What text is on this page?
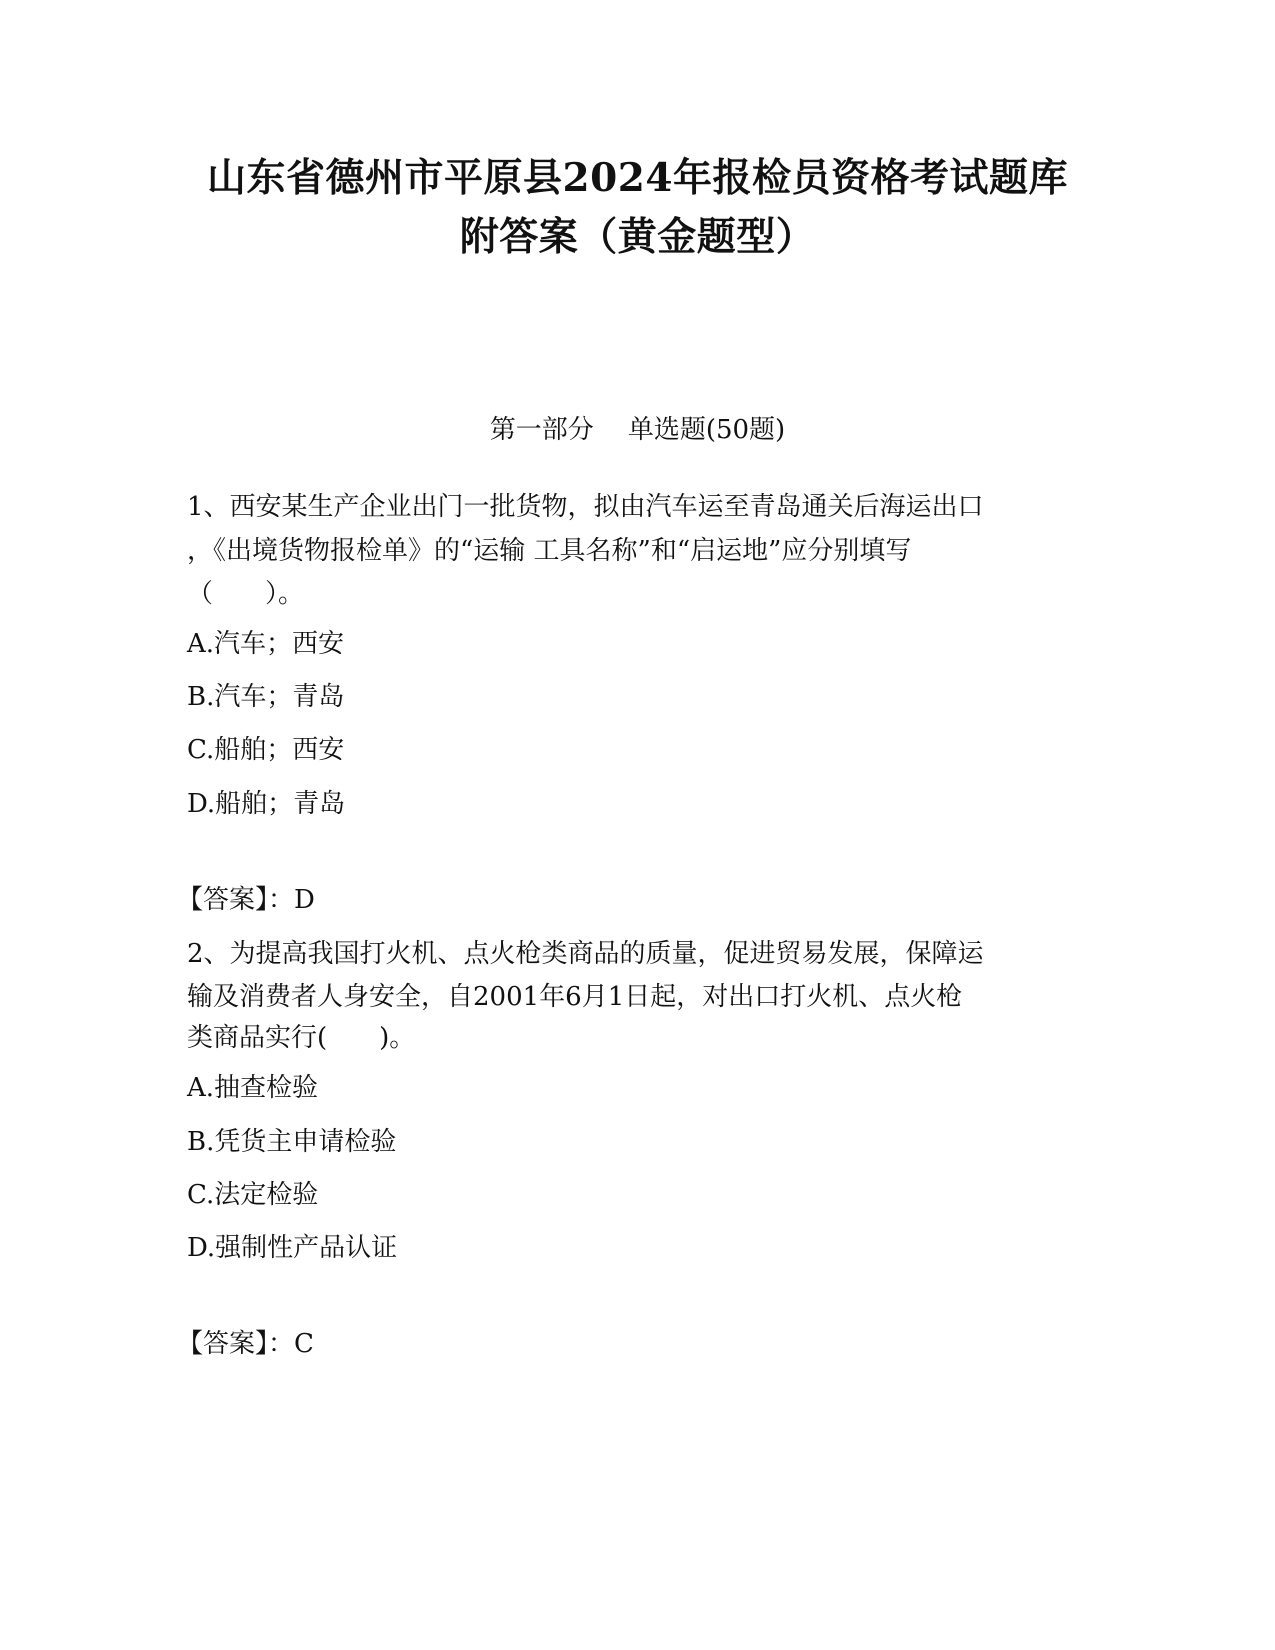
山东省德州市平原县2024年报检员资格考试题库
附答案（黄金题型）
第一部分 单选题(50题)
1、西安某生产企业出门一批货物，拟由汽车运至青岛通关后海运出口
，《出境货物报检单》的“运输 工具名称”和“启运地”应分别填写
（　　）。
A.汽车；西安
B.汽车；青岛
C.船舶；西安
D.船舶；青岛
【答案】：D
2、为提高我国打火机、点火枪类商品的质量，促进贸易发展，保障运
输及消费者人身安全，自2001年6月1日起，对出口打火机、点火枪
类商品实行(　　)。
A.抽查检验
B.凭货主申请检验
C.法定检验
D.强制性产品认证
【答案】：C
